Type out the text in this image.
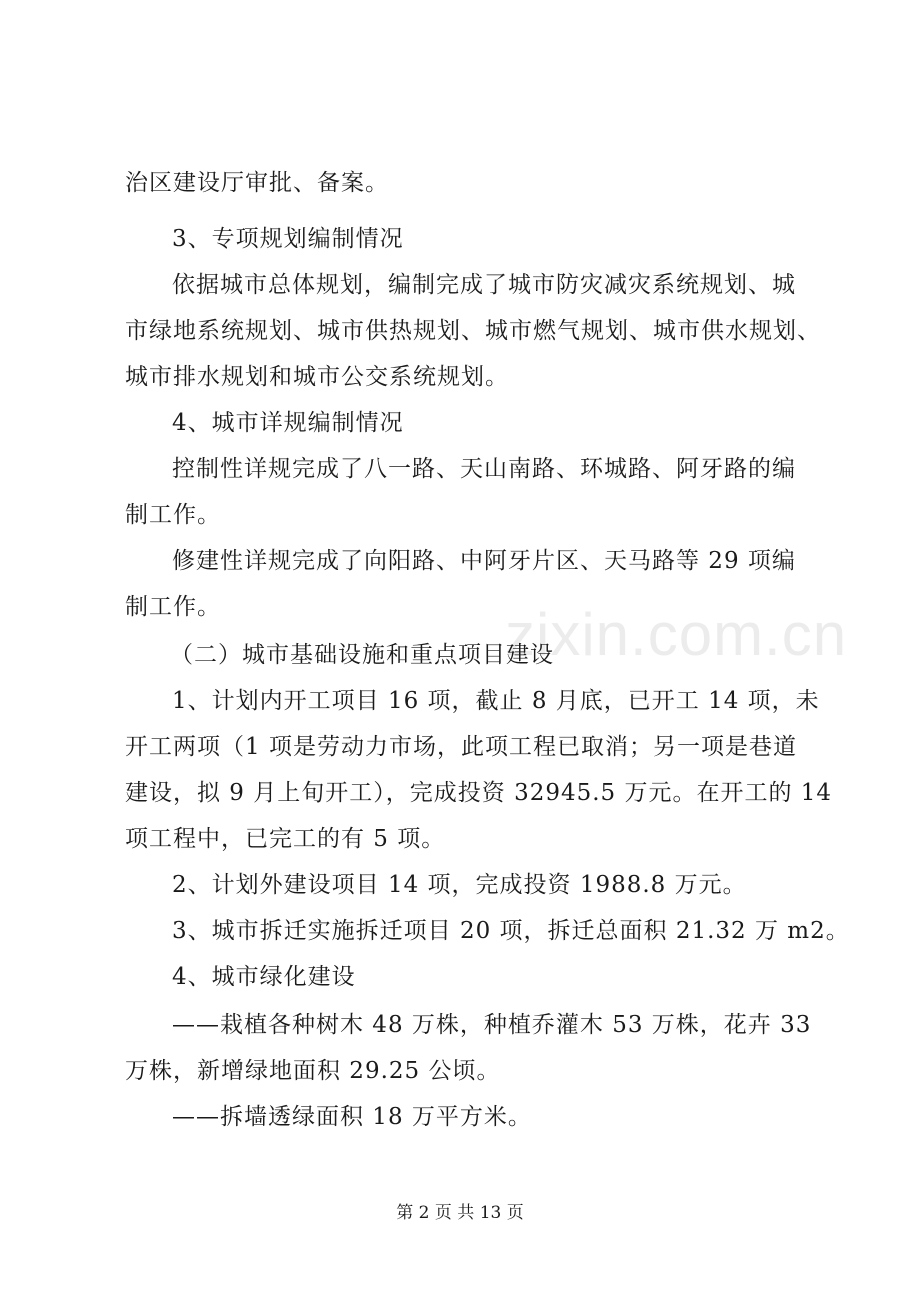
zixin.com.cn
治区建设厅审批、备案。
3、专项规划编制情况
依据城市总体规划，编制完成了城市防灾减灾系统规划、城
市绿地系统规划、城市供热规划、城市燃气规划、城市供水规划、
城市排水规划和城市公交系统规划。
4、城市详规编制情况
控制性详规完成了八一路、天山南路、环城路、阿牙路的编
制工作。
修建性详规完成了向阳路、中阿牙片区、天马路等 29 项编
制工作。
（二）城市基础设施和重点项目建设
1、计划内开工项目 16 项，截止 8 月底，已开工 14 项，未
开工两项（1 项是劳动力市场，此项工程已取消；另一项是巷道
建设，拟 9 月上旬开工），完成投资 32945.5 万元。在开工的 14
项工程中，已完工的有 5 项。
2、计划外建设项目 14 项，完成投资 1988.8 万元。
3、城市拆迁实施拆迁项目 20 项，拆迁总面积 21.32 万 m2。
4、城市绿化建设
——栽植各种树木 48 万株，种植乔灌木 53 万株，花卉 33
万株，新增绿地面积 29.25 公顷。
——拆墙透绿面积 18 万平方米。
第 2 页 共 13 页
